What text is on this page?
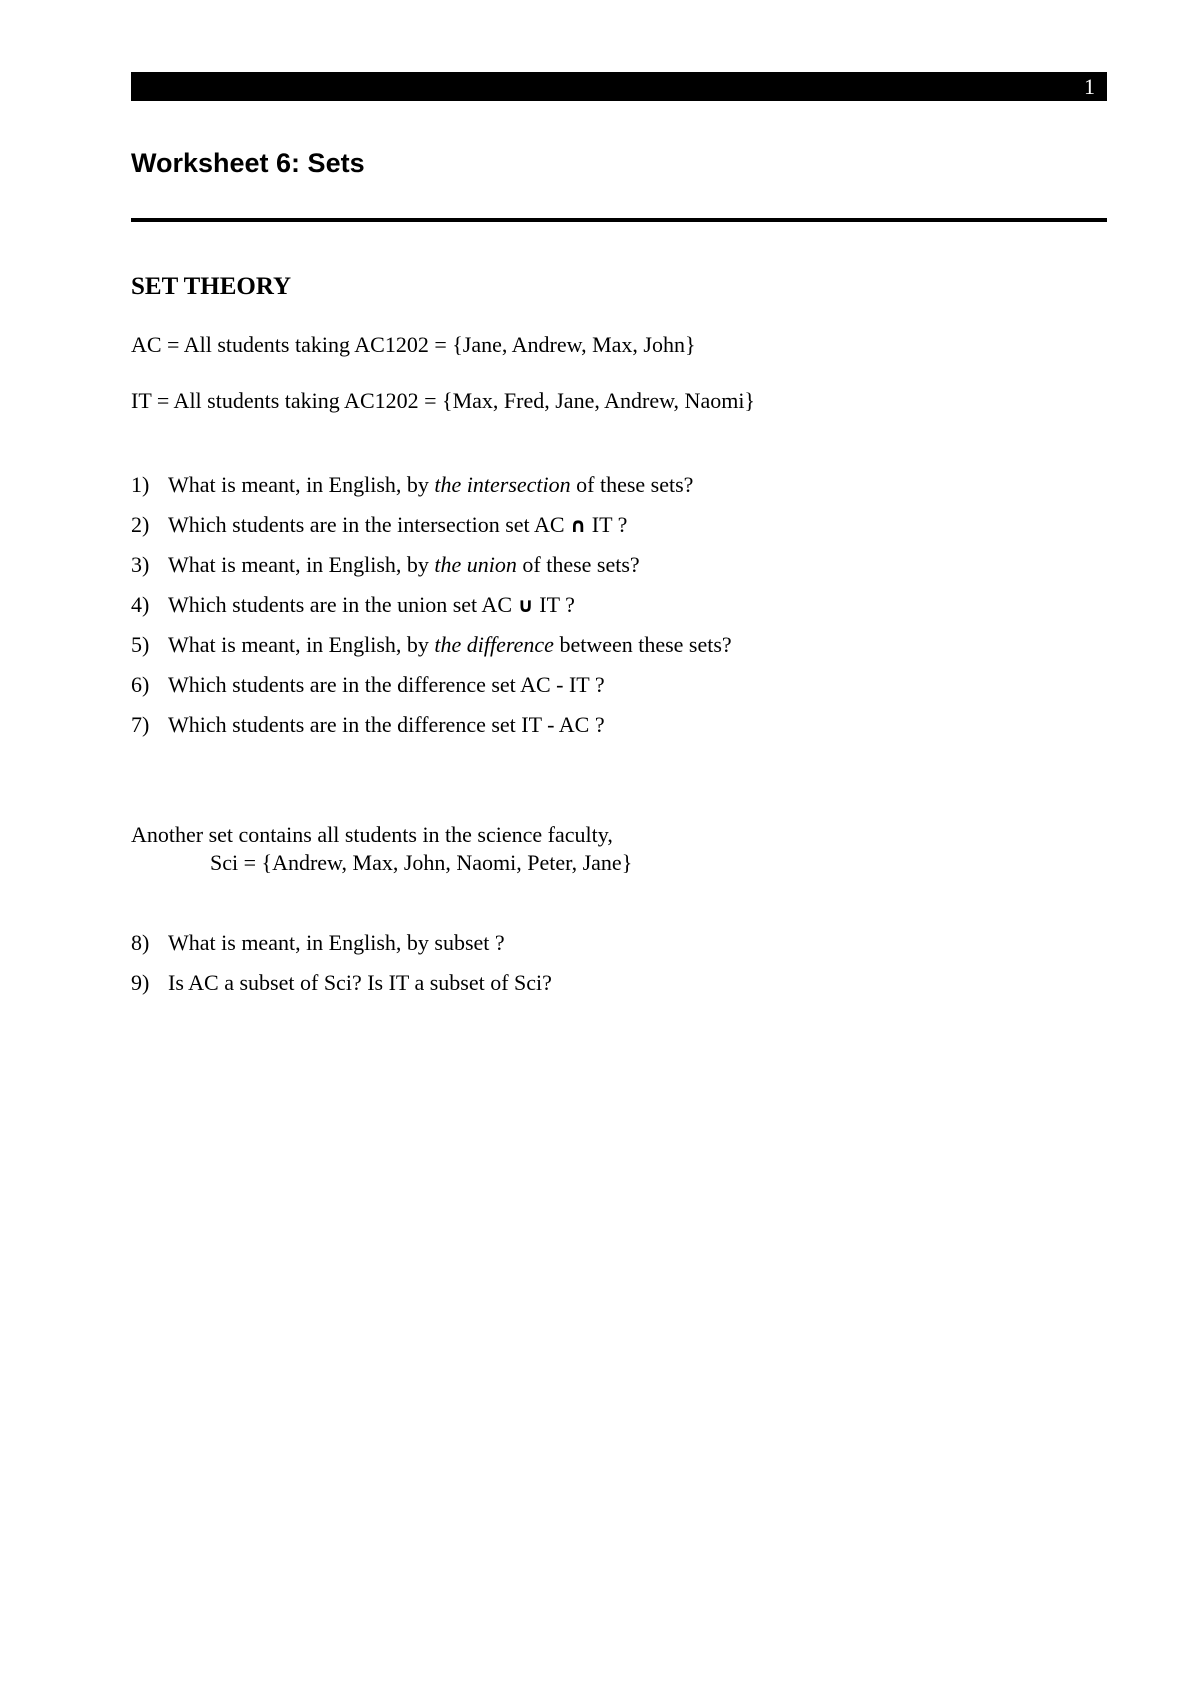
1
Worksheet 6: Sets
SET THEORY
AC = All students taking AC1202 = {Jane, Andrew, Max, John}
IT = All students taking AC1202 = {Max, Fred, Jane, Andrew, Naomi}
1) What is meant, in English, by the intersection of these sets?
2) Which students are in the intersection set AC ∩ IT ?
3) What is meant, in English, by the union of these sets?
4) Which students are in the union set AC ∪ IT ?
5) What is meant, in English, by the difference between these sets?
6) Which students are in the difference set AC - IT ?
7) Which students are in the difference set IT - AC ?
Another set contains all students in the science faculty,
Sci = {Andrew, Max, John, Naomi, Peter, Jane}
8) What is meant, in English, by subset ?
9) Is AC a subset of Sci? Is IT a subset of Sci?
